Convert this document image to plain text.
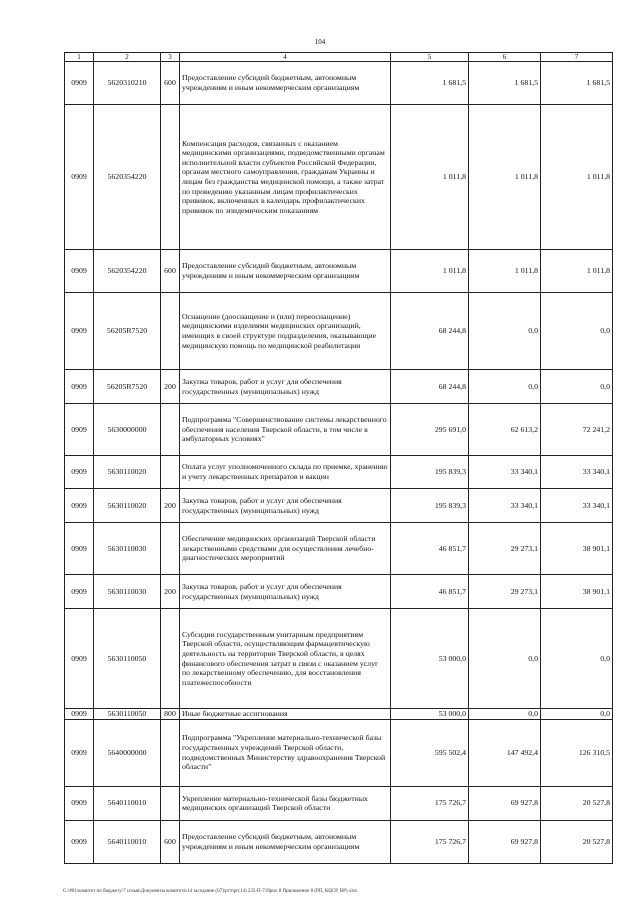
104
1	2	3	4	5	6	7
0909	5620310210	600	Предоставление субсидий бюджетным, автономным учреждениям и иным некоммерческим организациям	1 681,5	1 681,5	1 681,5
0909	5620354220		Компенсация расходов, связанных с оказанием медицинскими организациями, подведомственными органам исполнительной власти субъектов Российской Федерации, органам местного самоуправления, гражданам Украины и лицам без гражданства медицинской помощи, а также затрат по проведению указанным лицам профилактических прививок, включенных в календарь профилактических прививок по эпидемическим показаниям	1 011,8	1 011,8	1 011,8
0909	5620354220	600	Предоставление субсидий бюджетным, автономным учреждениям и иным некоммерческим организациям	1 011,8	1 011,8	1 011,8
0909	56205R7520		Оснащение (дооснащение и (или) переоснащение) медицинскими изделиями медицинских организаций, имеющих в своей структуре подразделения, оказывающие медицинскую помощь по медицинской реабилитации	68 244,8	0,0	0,0
0909	56205R7520	200	Закупка товаров, работ и услуг для обеспечения государственных (муниципальных) нужд	68 244,8	0,0	0,0
0909	5630000000		Подпрограмма "Совершенствование системы лекарственного обеспечения населения Тверской области, в том числе в амбулаторных условиях"	295 691,0	62 613,2	72 241,2
0909	5630110020		Оплата услуг уполномоченного склада по приемке, хранению и учету лекарственных препаратов и вакцин	195 839,3	33 340,1	33 340,1
0909	5630110020	200	Закупка товаров, работ и услуг для обеспечения государственных (муниципальных) нужд	195 839,3	33 340,1	33 340,1
0909	5630110030		Обеспечение медицинских организаций Тверской области лекарственными средствами для осуществления лечебно-диагностических мероприятий	46 851,7	29 273,1	38 901,1
0909	5630110030	200	Закупка товаров, работ и услуг для обеспечения государственных (муниципальных) нужд	46 851,7	29 273,1	38 901,1
0909	5630110050		Субсидии государственным унитарным предприятиям Тверской области, осуществляющим фармацевтическую деятельность на территории Тверской области, в целях финансового обеспечения затрат в связи с оказанием услуг по лекарственному обеспечению, для восстановления платежеспособности	53 000,0	0,0	0,0
0909	5630110050	800	Иные бюджетные ассигнования	53 000,0	0,0	0,0
0909	5640000000		Подпрограмма "Укрепление материально-технической базы государственных учреждений Тверской области, подведомственных Министерству здравоохранения Тверской области"	595 502,4	147 492,4	126 310,5
0909	5640110010		Укрепление материально-технической базы бюджетных медицинских организаций Тверской области	175 726,7	69 927,8	20 527,8
0909	5640110010	600	Предоставление субсидий бюджетным, автономным учреждениям и иным некоммерческим организациям	175 726,7	69 927,8	20 527,8
G:\#01\комитет по бюджету\7 созыв\Документы комитета\14 заседание (07)\рг\прг(14) 235-П-7\Прил 8 Приложение 8 (РП, КЦСР, ВР).xlsx
